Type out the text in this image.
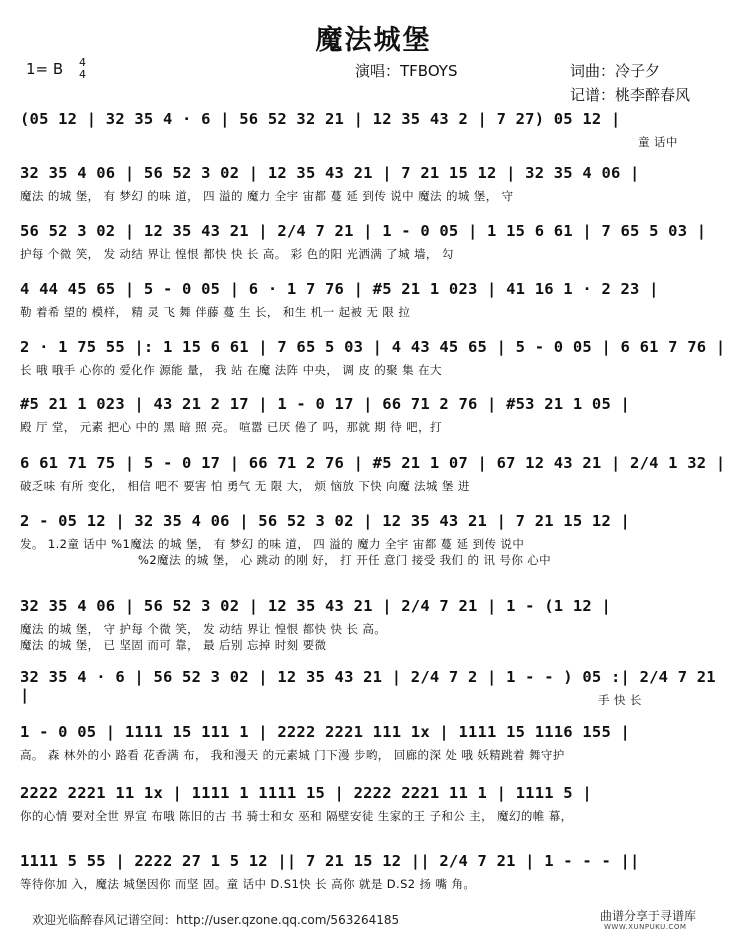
魔法城堡
1= B 4
4	演唱：TFBOYS	词曲：冷子夕
记谱：桃李醉春风
(05 12 | 32 35 4 · 6 | 56 52 32 21 | 12 35 43 2 | 7 27) 05 12 |
童 话中
32 35 4 06 | 56 52 3 02 | 12 35 43 21 | 7 21 15 12 | 32 35 4 06 |
魔法 的城 堡， 有 梦幻 的味 道， 四 溢的 魔力 全宇 宙都 蔓 延 到传 说中 魔法 的城 堡， 守
56 52 3 02 | 12 35 43 21 | 2/4 7 21 | 1 - 0 05 | 1 15 6 61 | 7 65 5 03 |
护每 个微 笑， 发 动结 界让 惶恨 都快 快 长 高。 彩 色的阳 光洒满 了城 墙， 勾
4 44 45 65 | 5 - 0 05 | 6 · 1 7 76 | #5 21 1 023 | 41 16 1 · 2 23 |
勒 着希 望的 模样， 精 灵 飞 舞 伴藤 蔓 生 长， 和生 机一 起被 无 限 拉
2 · 1 75 55 |: 1 15 6 61 | 7 65 5 03 | 4 43 45 65 | 5 - 0 05 | 6 61 7 76 |
长 哦 哦手 心你的 爱化作 源能 量， 我 站 在魔 法阵 中央， 调 皮 的聚 集 在大
#5 21 1 023 | 43 21 2 17 | 1 - 0 17 | 66 71 2 76 | #53 21 1 05 |
殿 厅 堂， 元素 把心 中的 黑 暗 照 亮。 喧嚣 已厌 倦了 吗，那就 期 待 吧，打
6 61 71 75 | 5 - 0 17 | 66 71 2 76 | #5 21 1 07 | 67 12 43 21 | 2/4 1 32 |
破乏味 有所 变化， 相信 吧不 要害 怕 勇气 无 限 大， 烦 恼放 下快 向魔 法城 堡 进
2 - 05 12 | 32 35 4 06 | 56 52 3 02 | 12 35 43 21 | 7 21 15 12 |
发。 1.2童 话中 %1魔法 的城 堡， 有 梦幻 的味 道， 四 溢的 魔力 全宇 宙都 蔓 延 到传 说中
%2魔法 的城 堡， 心 跳动 的刚 好， 打 开任 意门 接受 我们 的 讯 号你 心中
32 35 4 06 | 56 52 3 02 | 12 35 43 21 | 2/4 7 21 | 1 - (1 12 |
魔法 的城 堡， 守 护每 个微 笑， 发 动结 界让 惶恨 都快 快 长 高。
魔法 的城 堡， 已 坚固 而可 靠， 最 后别 忘掉 时刻 要微
32 35 4 · 6 | 56 52 3 02 | 12 35 43 21 | 2/4 7 2 | 1 - - ) 05 :| 2/4 7 21 |	手 快 长
1 - 0 05 | 1111 15 111 1 | 2222 2221 111 1x | 1111 15 1116 155 |
高。 森 林外的小 路看 花香满 布， 我和漫天 的元素城 门下漫 步哟， 回廊的深 处 哦 妖精跳着 舞守护
2222 2221 11 1x | 1111 1 1111 15 | 2222 2221 11 1 | 1111 5 |
你的心情 要对全世 界宣 布哦 陈旧的古 书 骑士和女 巫和 隔壁安徒 生家的王 子和公 主， 魔幻的帷 幕，
1111 5 55 | 2222 27 1 5 12 || 7 21 15 12 || 2/4 7 21 | 1 - - - ||
等待你加 入，魔法 城堡因你 而坚 固。童 话中 D.S1快 长 高你 就是 D.S2 扬 嘴 角。
欢迎光临醉春风记谱空间：http://user.qzone.qq.com/563264185	曲谱分享于寻谱库
WWW.XUNPUKU.COM
